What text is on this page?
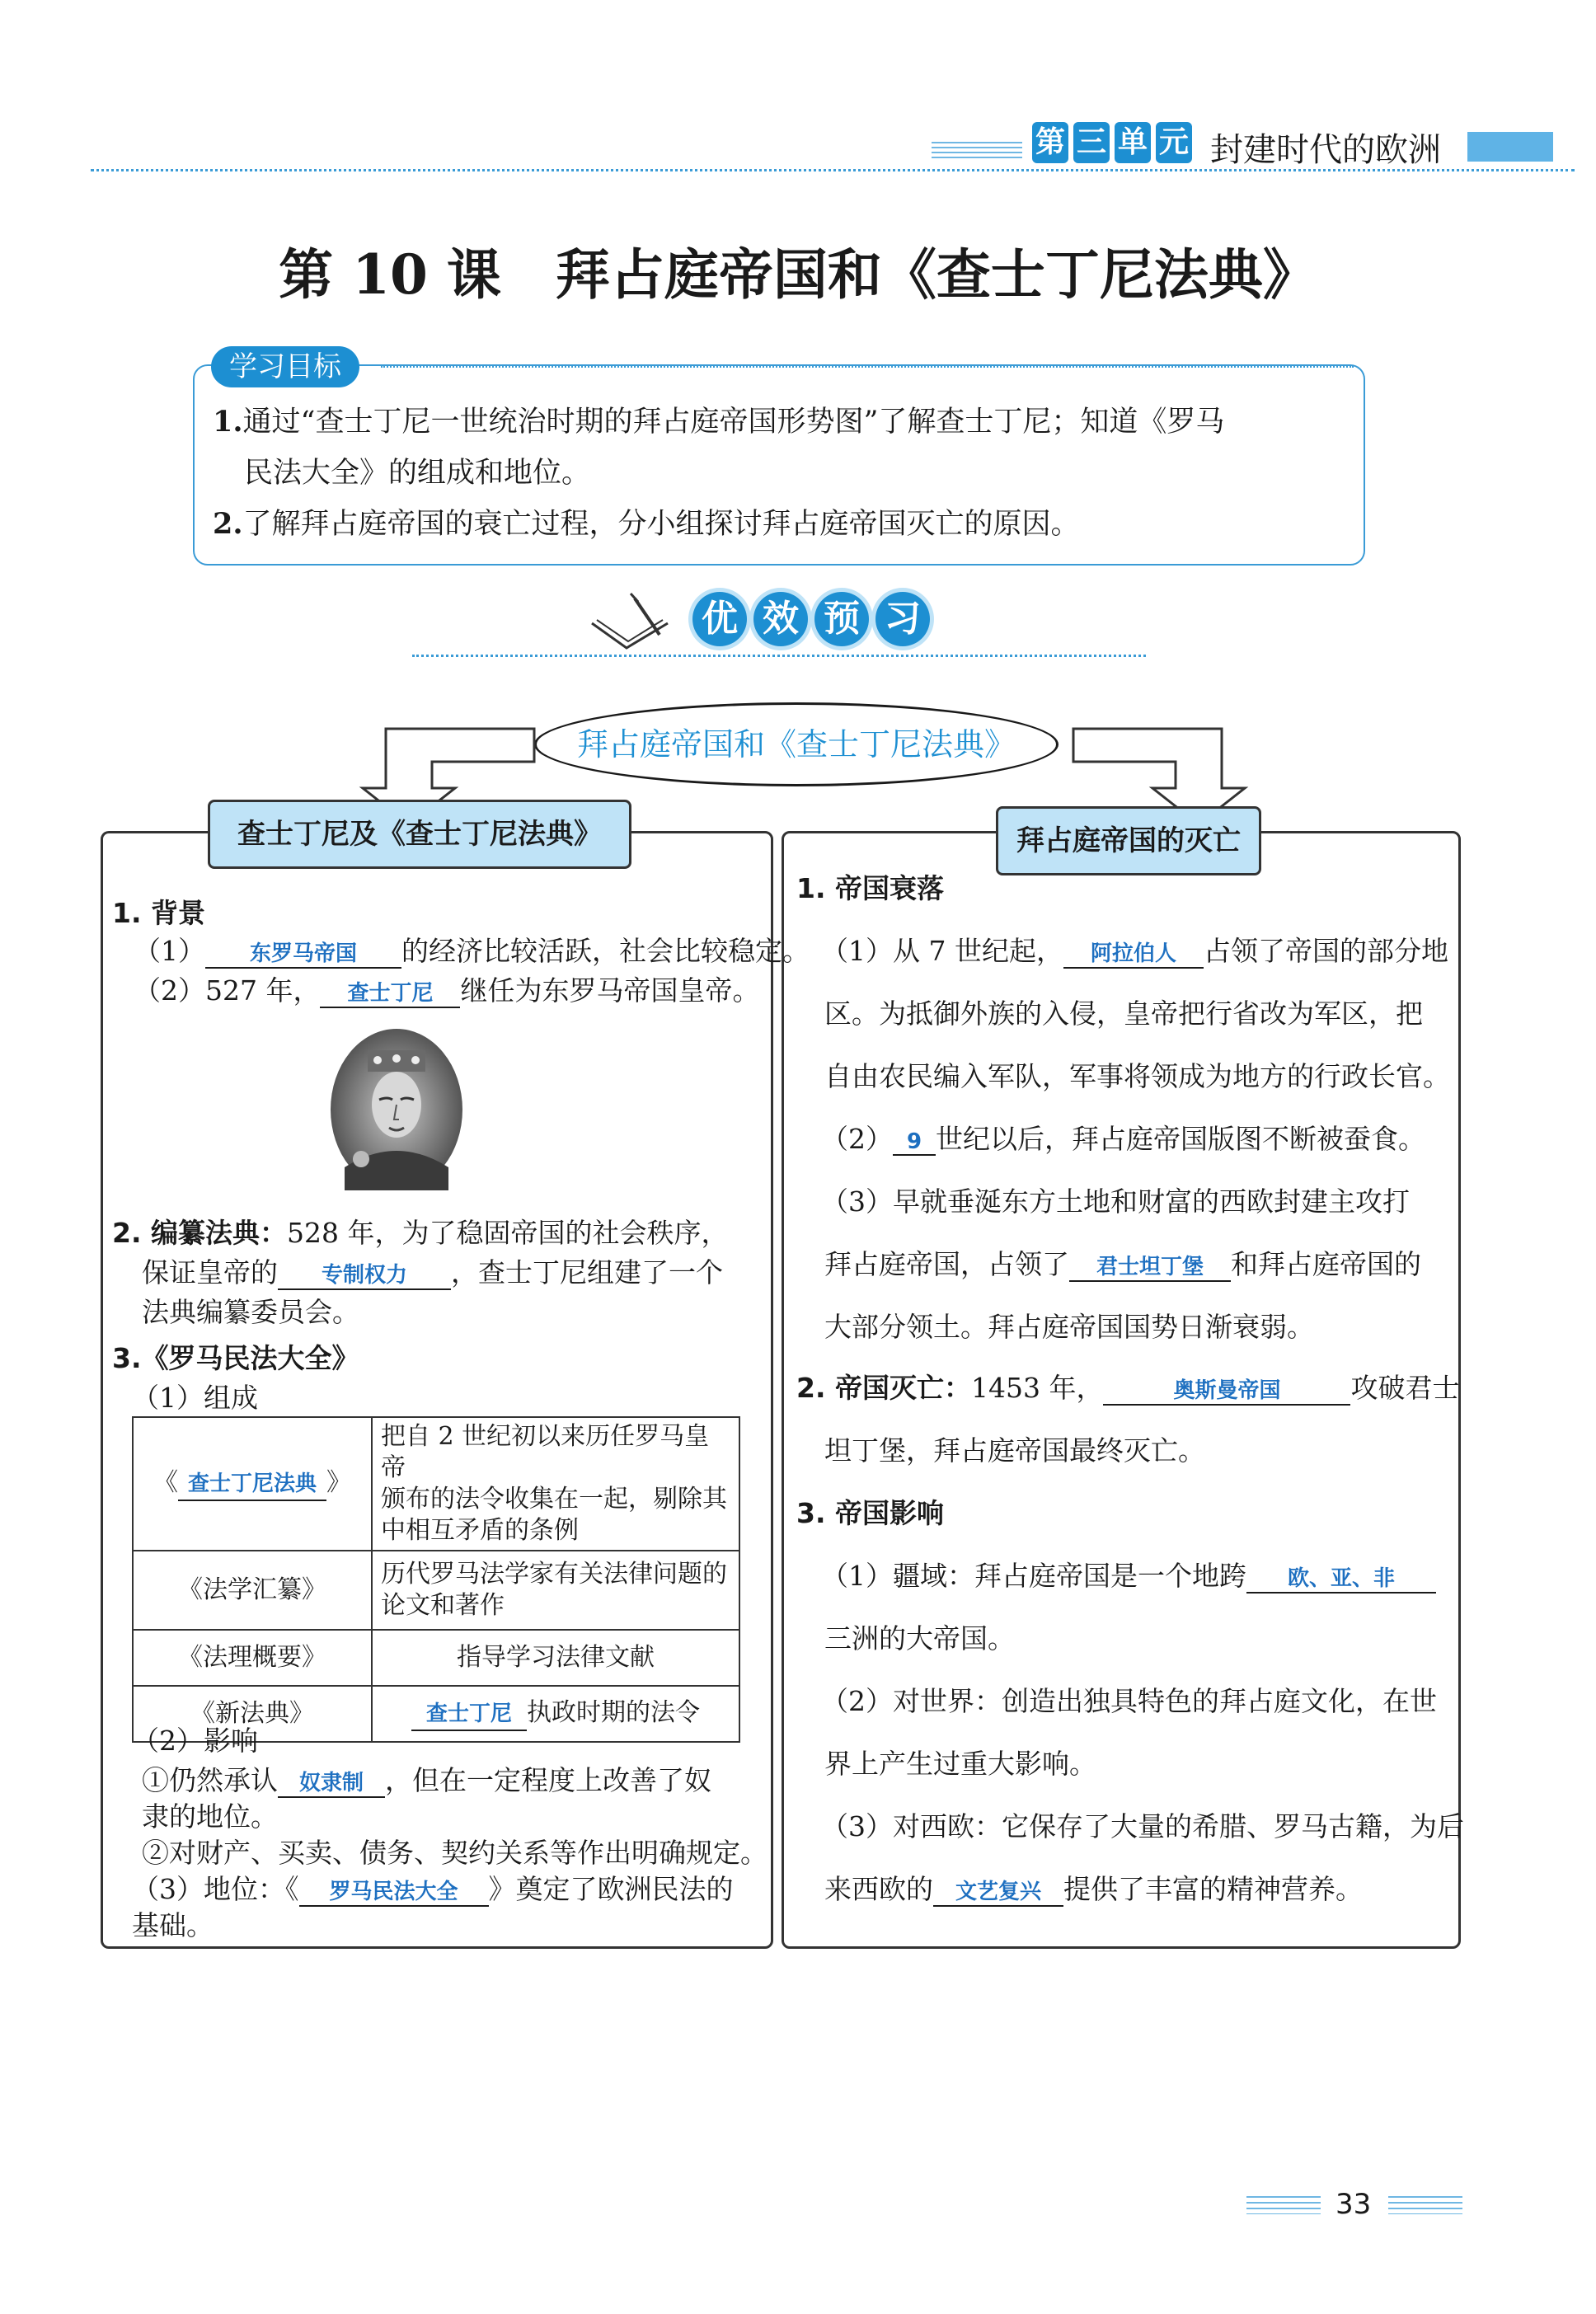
第 三 单 元 封建时代的欧洲
第 10 课　拜占庭帝国和《查士丁尼法典》
学习目标
1.通过“查士丁尼一世统治时期的拜占庭帝国形势图”了解查士丁尼；知道《罗马
民法大全》的组成和地位。
2.了解拜占庭帝国的衰亡过程，分小组探讨拜占庭帝国灭亡的原因。
优 效 预 习
拜占庭帝国和《查士丁尼法典》
查士丁尼及《查士丁尼法典》	拜占庭帝国的灭亡
1. 背景
（1） 东罗马帝国 的经济比较活跃，社会比较稳定。
（2）527 年， 查士丁尼 继任为东罗马帝国皇帝。
2. 编纂法典：528 年，为了稳固帝国的社会秩序，
保证皇帝的 专制权力 ，查士丁尼组建了一个
法典编纂委员会。
3.《罗马民法大全》
（1）组成
《 查士丁尼法典 》	把自 2 世纪初以来历任罗马皇帝
颁布的法令收集在一起，剔除其
中相互矛盾的条例

《法学汇纂》	历代罗马法学家有关法律问题的
论文和著作

《法理概要》	指导学习法律文献
《新法典》	查士丁尼 执政时期的法令
（2）影响
①仍然承认 奴隶制 ，但在一定程度上改善了奴
隶的地位。
②对财产、买卖、债务、契约关系等作出明确规定。
（3）地位：《 罗马民法大全 》奠定了欧洲民法的
基础。
1. 帝国衰落
（1）从 7 世纪起， 阿拉伯人 占领了帝国的部分地
区。为抵御外族的入侵，皇帝把行省改为军区，把
自由农民编入军队，军事将领成为地方的行政长官。
（2） 9 世纪以后，拜占庭帝国版图不断被蚕食。
（3）早就垂涎东方土地和财富的西欧封建主攻打
拜占庭帝国，占领了 君士坦丁堡 和拜占庭帝国的
大部分领土。拜占庭帝国国势日渐衰弱。
2. 帝国灭亡：1453 年，	奥斯曼帝国	攻破君士
坦丁堡，拜占庭帝国最终灭亡。
3. 帝国影响
（1）疆域：拜占庭帝国是一个地跨 欧、亚、非
三洲的大帝国。
（2）对世界：创造出独具特色的拜占庭文化，在世
界上产生过重大影响。
（3）对西欧：它保存了大量的希腊、罗马古籍，为后
来西欧的 文艺复兴 提供了丰富的精神营养。
33
